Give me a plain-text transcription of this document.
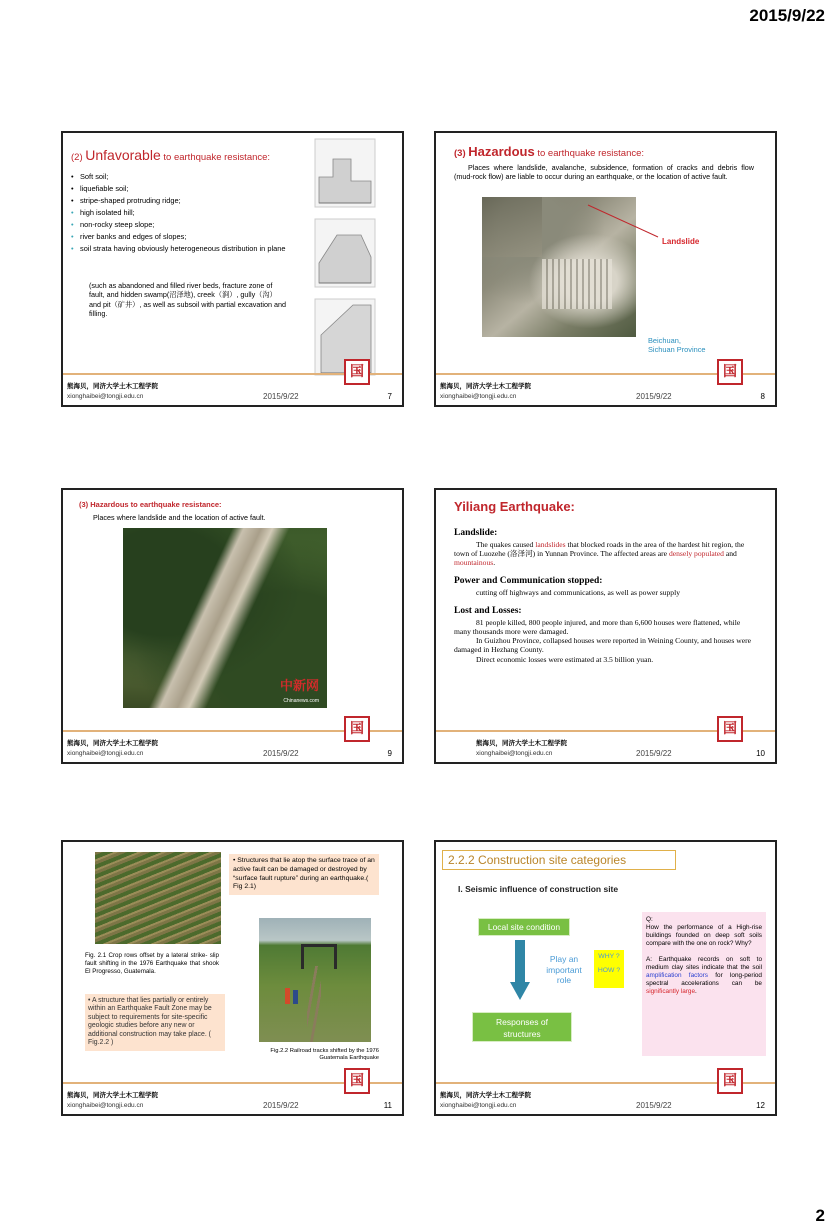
2015/9/22
(2) Unfavorable to earthquake resistance:
• Soft soil;
• liquefiable soil;
• stripe-shaped protruding ridge;
• high isolated hill;
• non-rocky steep slope;
• river banks and edges of slopes;
• soil strata having obviously heterogeneous distribution in plane
(such as abandoned and filled river beds, fracture zone of fault, and hidden swamp(沼泽地), creek（涧）, gully（沟）and pit（矿井）, as well as subsoil with partial excavation and filling.
国
熊海贝，同济大学土木工程学院
xionghaibei@tongji.edu.cn	2015/9/22	7
(3) Hazardous to earthquake resistance:
Places where landslide, avalanche, subsidence, formation of cracks and debris flow (mud-rock flow) are liable to occur during an earthquake, or the location of active fault.
Landslide
Beichuan,
Sichuan Province
国
熊海贝，同济大学土木工程学院
xionghaibei@tongji.edu.cn	2015/9/22	8
(3) Hazardous to earthquake resistance:
Places where landslide and the location of active fault.
中新网
Chinanews.com
国
熊海贝，同济大学土木工程学院
xionghaibei@tongji.edu.cn	2015/9/22	9
Yiliang Earthquake:
Landslide:
The quakes caused landslides that blocked roads in the area of the hardest hit region, the town of Luozehe (洛泽河) in Yunnan Province. The affected areas are densely populated and mountainous.
Power and Communication stopped:
cutting off highways and communications, as well as power supply
Lost and Losses:
81 people killed, 800 people injured, and more than 6,600 houses were flattened, while many thousands more were damaged.
In Guizhou Province, collapsed houses were reported in Weining County, and houses were damaged in Hezhang County.
Direct economic losses were estimated at 3.5 billion yuan.
国
熊海贝，同济大学土木工程学院
xionghaibei@tongji.edu.cn	2015/9/22	10
• Structures that lie atop the surface trace of an active fault can be damaged or destroyed by “surface fault rupture” during an earthquake.( Fig 2.1)
Fig. 2.1 Crop rows offset by a lateral strike- slip fault shifting in the 1976 Earthquake that shook El Progresso, Guatemala.
• A structure that lies partially or entirely within an Earthquake Fault Zone may be subject to requirements for site-specific geologic studies before any new or additional construction may take place. ( Fig.2.2 )
Fig.2.2 Railroad tracks shifted by the 1976 Guatemala Earthquake
国
熊海贝，同济大学土木工程学院
xionghaibei@tongji.edu.cn	2015/9/22	11
2.2.2 Construction site categories
I. Seismic influence of construction site
Local site condition
Play an
important
role
WHY ?
HOW ?
Responses of
structures
Q:
How the performance of a High-rise buildings founded on deep soft soils compare with the one on rock? Why?
A: Earthquake records on soft to medium clay sites indicate that the soil amplification factors for long-period spectral accelerations can be significantly large.
国
熊海贝，同济大学土木工程学院
xionghaibei@tongji.edu.cn	2015/9/22	12
2
